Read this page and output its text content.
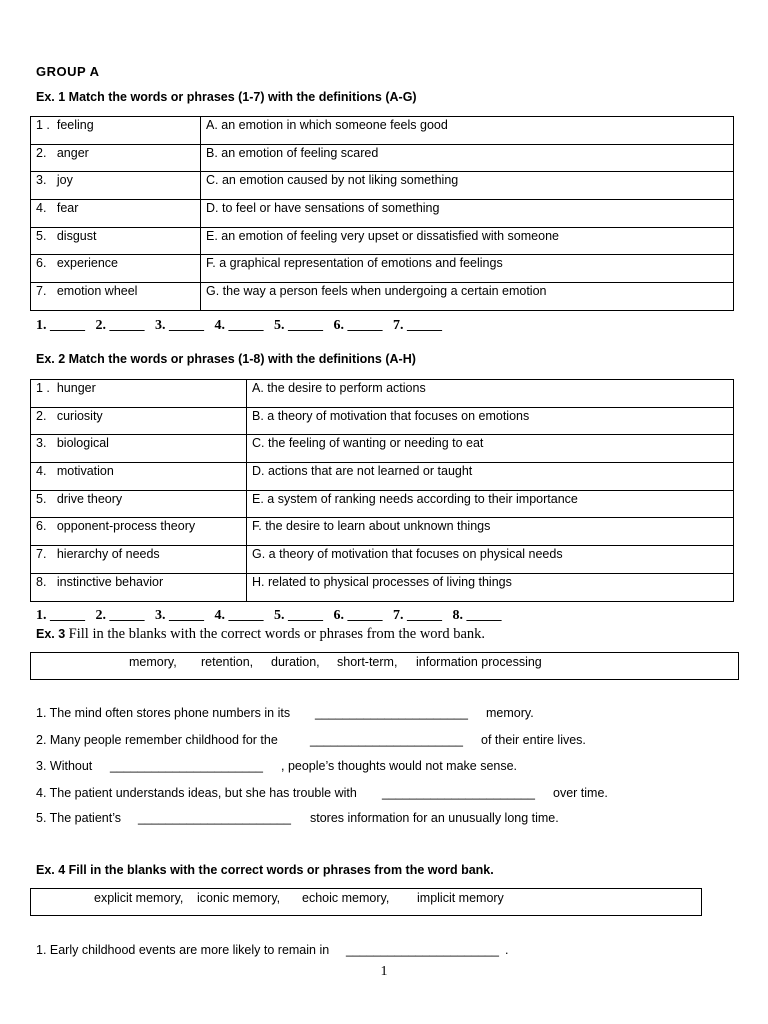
GROUP A
Ex. 1 Match the words or phrases (1-7) with the definitions (A-G)
1 .  feeling	A. an emotion in which someone feels good
2.   anger	B. an emotion of feeling scared
3.   joy	C. an emotion caused by not liking something
4.   fear	D. to feel or have sensations of something
5.   disgust	E. an emotion of feeling very upset or dissatisfied with someone
6.   experience	F. a graphical representation of emotions and feelings
7.   emotion wheel	G. the way a person feels when undergoing a certain emotion
1. _____   2. _____   3. _____   4. _____   5. _____   6. _____   7. _____
Ex. 2 Match the words or phrases (1-8) with the definitions (A-H)
1 .  hunger	A. the desire to perform actions
2.   curiosity	B. a theory of motivation that focuses on emotions
3.   biological	C. the feeling of wanting or needing to eat
4.   motivation	D. actions that are not learned or taught
5.   drive theory	E. a system of ranking needs according to their importance
6.   opponent-process theory	F. the desire to learn about unknown things
7.   hierarchy of needs	G. a theory of motivation that focuses on physical needs
8.   instinctive behavior	H. related to physical processes of living things
1. _____   2. _____   3. _____   4. _____   5. _____   6. _____   7. _____   8. _____
Ex. 3 Fill in the blanks with the correct words or phrases from the word bank.
memory, retention, duration, short-term, information processing
1. The mind often stores phone numbers in its ______________________ memory.
2. Many people remember childhood for the	______________________ of their entire lives.
3. Without ______________________ , people’s thoughts would not make sense.
4. The patient understands ideas, but she has trouble with ______________________ over time.
5. The patient’s ______________________ stores information for an unusually long time.
Ex. 4 Fill in the blanks with the correct words or phrases from the word bank.
explicit memory, iconic memory, echoic memory, implicit memory
1. Early childhood events are more likely to remain in ______________________ .
1
